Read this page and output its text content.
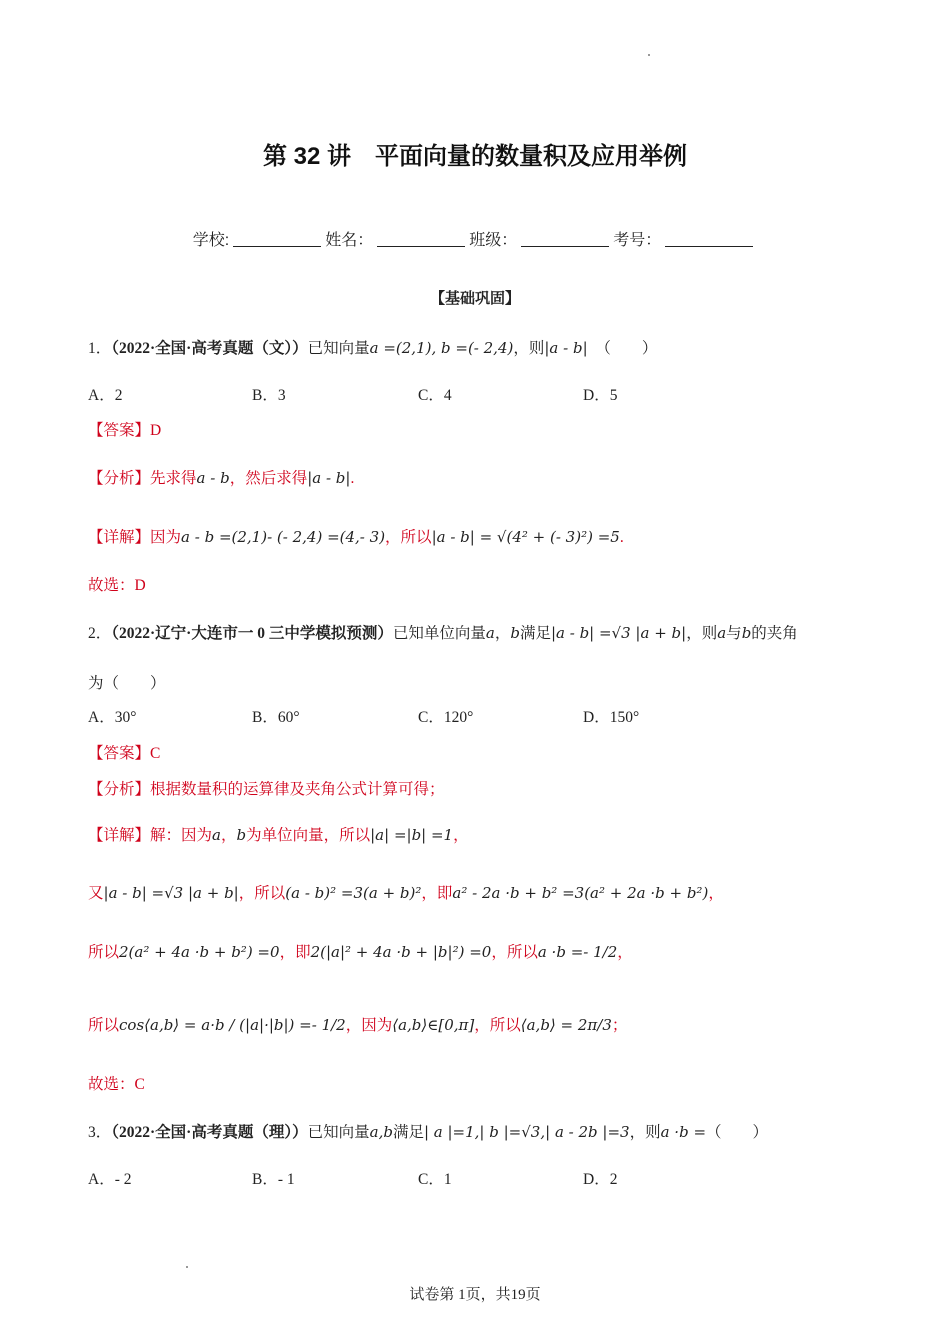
第 32 讲　平面向量的数量积及应用举例
学校:	姓名：	班级：	考号：
【基础巩固】
1．（2022·全国·高考真题（文））已知向量a =(2,1), b =(- 2,4)，则|a - b|　 （　　）
A．2	B．3	C．4	D．5
【答案】D
【分析】先求得a - b，然后求得|a - b|.
【详解】因为a - b =(2,1)- (- 2,4) =(4,- 3)，所以|a - b| = √(4² + (- 3)²) =5.
故选：D
2．（2022·辽宁·大连市一 0 三中学模拟预测）已知单位向量a，b满足|a - b| =√3 |a + b|，则a与b的夹角
为（　　）
A．30°	B．60°	C．120°	D．150°
【答案】C
【分析】根据数量积的运算律及夹角公式计算可得；
【详解】解：因为a，b为单位向量，所以|a| =|b| =1，
又|a - b| =√3 |a + b|，所以(a - b)² =3(a + b)²，即a² - 2a ·b + b² =3(a² + 2a ·b + b²)，
所以2(a² + 4a ·b + b²) =0，即2(|a|² + 4a ·b + |b|²) =0，所以a ·b =- 1/2，
所以cos⟨a,b⟩ = a·b / (|a|·|b|) =- 1/2，因为⟨a,b⟩∈[0,π]，所以⟨a,b⟩ = 2π/3；
故选：C
3．（2022·全国·高考真题（理））已知向量a,b满足| a |=1,| b |=√3,| a - 2b |=3，则a ·b =（　　）
A．- 2	B．- 1	C．1	D．2
试卷第 1页，共19页
